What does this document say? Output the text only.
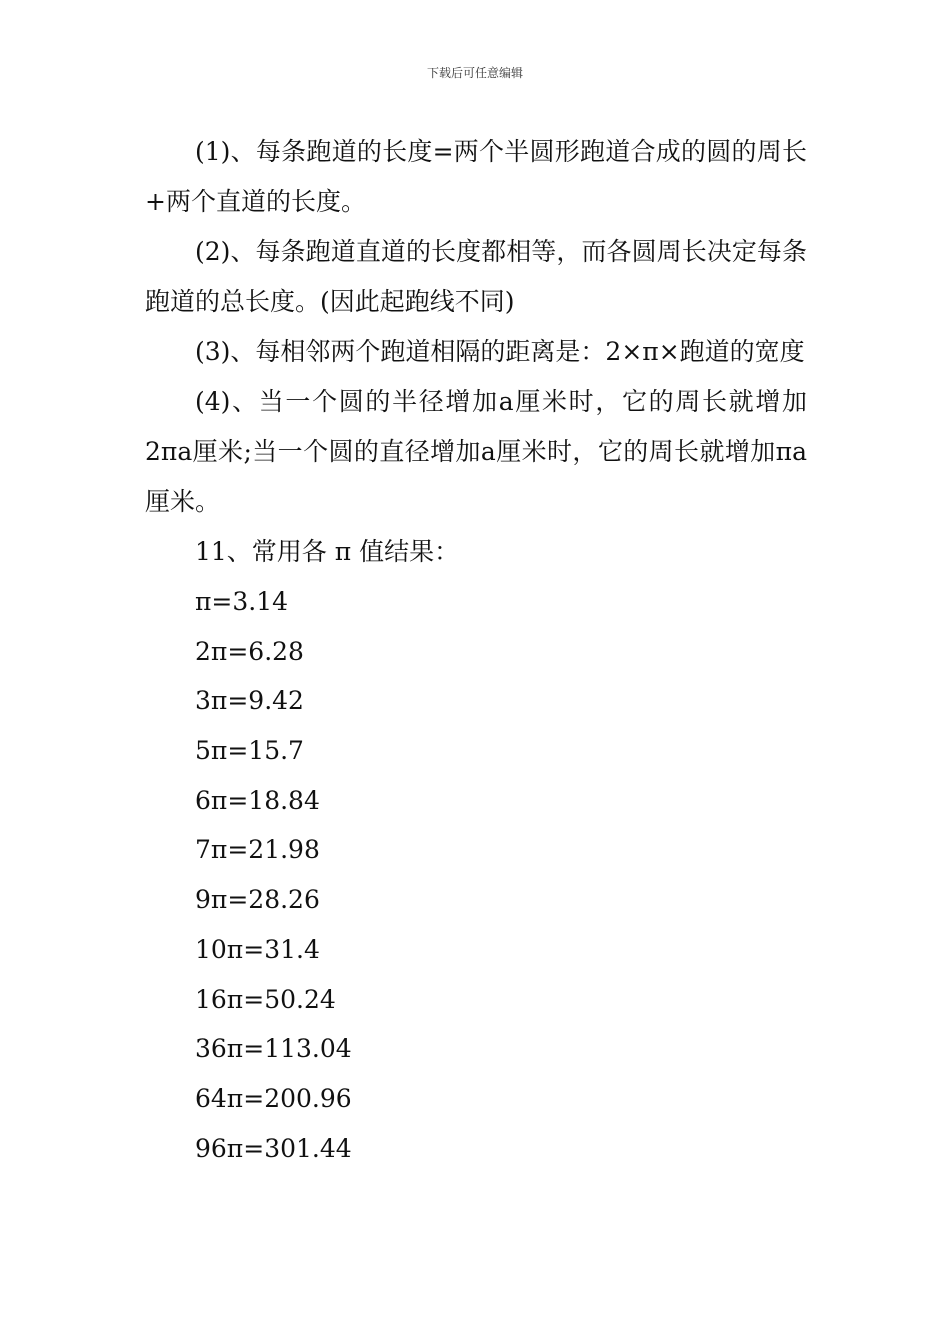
下载后可任意编辑

(1)、每条跑道的长度=两个半圆形跑道合成的圆的周长+两个直道的长度。

(2)、每条跑道直道的长度都相等，而各圆周长决定每条跑道的总长度。(因此起跑线不同)

(3)、每相邻两个跑道相隔的距离是：2×π×跑道的宽度

(4)、当一个圆的半径增加a厘米时，它的周长就增加2πa厘米;当一个圆的直径增加a厘米时，它的周长就增加πa厘米。

11、常用各 π 值结果：

π=3.14
2π=6.28
3π=9.42
5π=15.7
6π=18.84
7π=21.98
9π=28.26
10π=31.4
16π=50.24
36π=113.04
64π=200.96
96π=301.44
